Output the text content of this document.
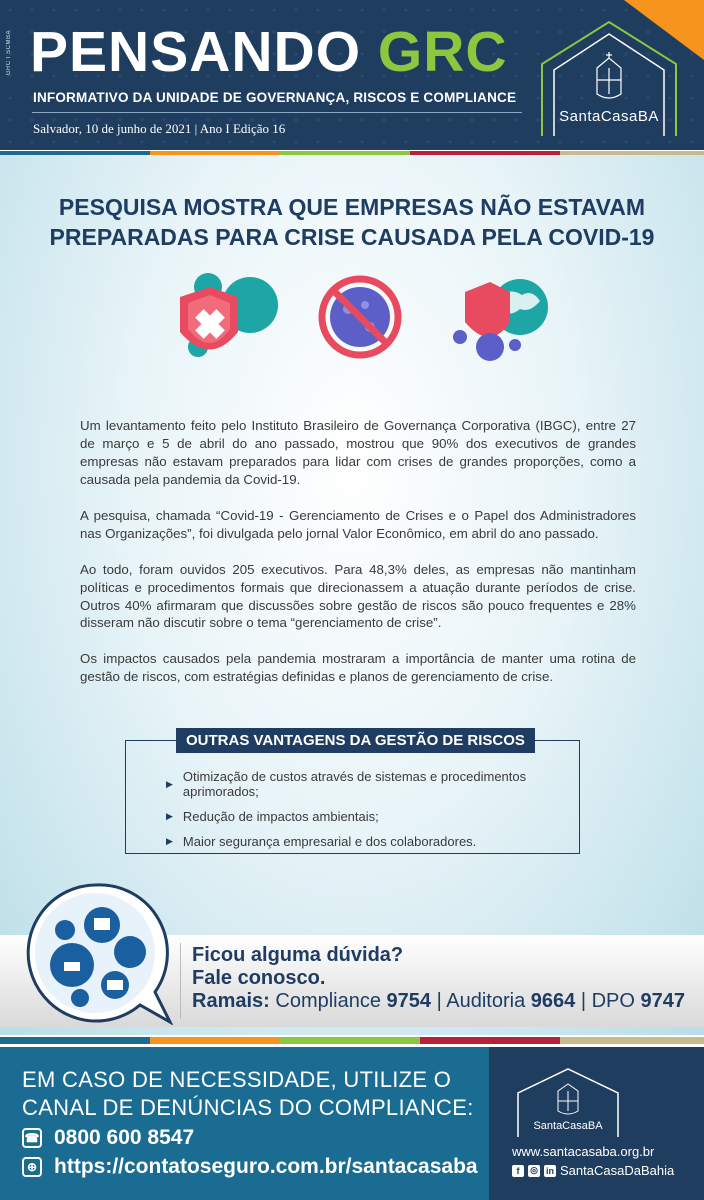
GRC I SCMBA PENSANDO GRC
INFORMATIVO DA UNIDADE DE GOVERNANÇA, RISCOS E COMPLIANCE
Salvador, 10 de junho de 2021 | Ano I Edição 16
SantaCasaBA
PESQUISA MOSTRA QUE EMPRESAS NÃO ESTAVAM
PREPARADAS PARA CRISE CAUSADA PELA COVID-19

Um levantamento feito pelo Instituto Brasileiro de Governança Corporativa (IBGC), entre 27 de março e 5 de abril do ano passado, mostrou que 90% dos executivos de grandes empresas não estavam preparados para lidar com crises de grandes proporções, como a causada pela pandemia da Covid-19.

A pesquisa, chamada “Covid-19 - Gerenciamento de Crises e o Papel dos Administradores nas Organizações”, foi divulgada pelo jornal Valor Econômico, em abril do ano passado.

Ao todo, foram ouvidos 205 executivos. Para 48,3% deles, as empresas não mantinham políticas e procedimentos formais que direcionassem a atuação durante períodos de crise. Outros 40% afirmaram que discussões sobre gestão de riscos são pouco frequentes e 28% disseram não discutir sobre o tema “gerenciamento de crise”.

Os impactos causados pela pandemia mostraram a importância de manter uma rotina de gestão de riscos, com estratégias definidas e planos de gerenciamento de crise.

OUTRAS VANTAGENS DA GESTÃO DE RISCOS
▶ Otimização de custos através de sistemas e procedimentos aprimorados;
▶ Redução de impactos ambientais;
▶ Maior segurança empresarial e dos colaboradores.
Ficou alguma dúvida?
Fale conosco.
Ramais: Compliance 9754 | Auditoria 9664 | DPO 9747
EM CASO DE NECESSIDADE, UTILIZE O
CANAL DE DENÚNCIAS DO COMPLIANCE:
☎ 0800 600 8547
⊕ https://contatoseguro.com.br/santacasaba
SantaCasaBA
www.santacasaba.org.br
f	◎ in SantaCasaDaBahia
